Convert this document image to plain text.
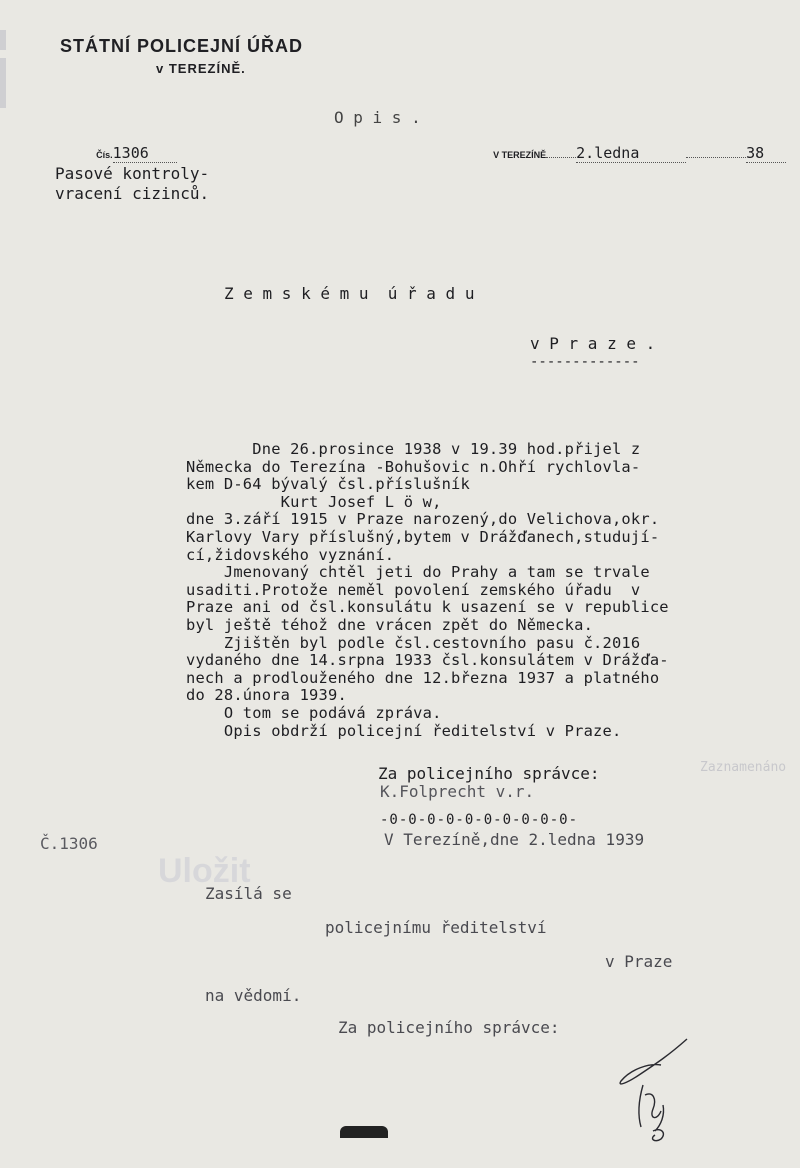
STÁTNÍ POLICEJNÍ ÚŘAD
v TEREZÍNĚ.

Čís.1306

O p i s .

V TEREZÍNĚ 2.ledna	38

Pasové kontroly-
vracení cizinců.
Z e m s k é m u  ú ř a d u
v P r a z e .
-------------
Dne 26.prosince 1938 v 19.39 hod.přijel z
Německa do Terezína -Bohušovic n.Ohří rychlovla-
kem D-64 bývalý čsl.příslušník
Kurt Josef L ö w,
dne 3.září 1915 v Praze narozený,do Velichova,okr.
Karlovy Vary příslušný,bytem v Drážďanech,studují-
cí,židovského vyznání.
Jmenovaný chtěl jeti do Prahy a tam se trvale
usaditi.Protože neměl povolení zemského úřadu  v
Praze ani od čsl.konsulátu k usazení se v republice
byl ještě téhož dne vrácen zpět do Německa.
Zjištěn byl podle čsl.cestovního pasu č.2016
vydaného dne 14.srpna 1933 čsl.konsulátem v Drážďa-
nech a prodlouženého dne 12.března 1937 a platného
do 28.února 1939.
O tom se podává zpráva.
Opis obdrží policejní ředitelství v Praze.
Za policejního správce:
K.Folprecht v.r.
Zaznamenáno
Uložit
-0-0-0-0-0-0-0-0-0-0-
Č.1306	V Terezíně,dne 2.ledna 1939
Zasílá se
policejnímu ředitelství
v Praze
na vědomí.
Za policejního správce:
